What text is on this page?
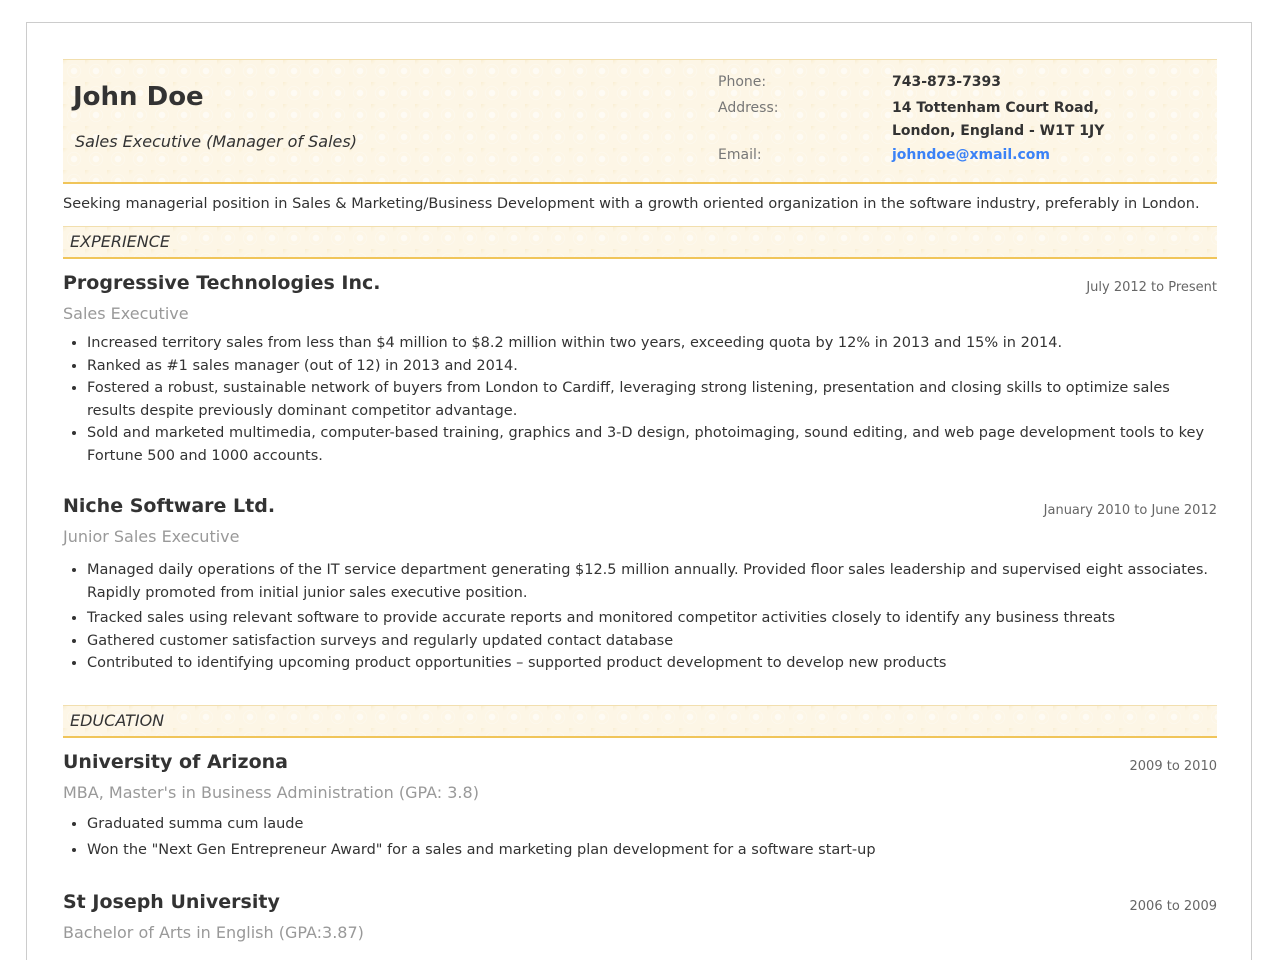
John Doe
Sales Executive (Manager of Sales)
Phone:	743-873-7393
Address:	14 Tottenham Court Road,
London, England - W1T 1JY
Email:	johndoe@xmail.com
Seeking managerial position in Sales & Marketing/Business Development with a growth oriented organization in the software industry, preferably in London.
EXPERIENCE
Progressive Technologies Inc.	July 2012 to Present
Sales Executive
• Increased territory sales from less than $4 million to $8.2 million within two years, exceeding quota by 12% in 2013 and 15% in 2014.
• Ranked as #1 sales manager (out of 12) in 2013 and 2014.
• Fostered a robust, sustainable network of buyers from London to Cardiff, leveraging strong listening, presentation and closing skills to optimize sales results despite previously dominant competitor advantage.
• Sold and marketed multimedia, computer-based training, graphics and 3-D design, photoimaging, sound editing, and web page development tools to key Fortune 500 and 1000 accounts.
Niche Software Ltd.	January 2010 to June 2012
Junior Sales Executive
• Managed daily operations of the IT service department generating $12.5 million annually. Provided floor sales leadership and supervised eight associates. Rapidly promoted from initial junior sales executive position.
• Tracked sales using relevant software to provide accurate reports and monitored competitor activities closely to identify any business threats
• Gathered customer satisfaction surveys and regularly updated contact database
• Contributed to identifying upcoming product opportunities – supported product development to develop new products
EDUCATION
University of Arizona	2009 to 2010
MBA, Master's in Business Administration (GPA: 3.8)
• Graduated summa cum laude
• Won the "Next Gen Entrepreneur Award" for a sales and marketing plan development for a software start-up
St Joseph University	2006 to 2009
Bachelor of Arts in English (GPA:3.87)
